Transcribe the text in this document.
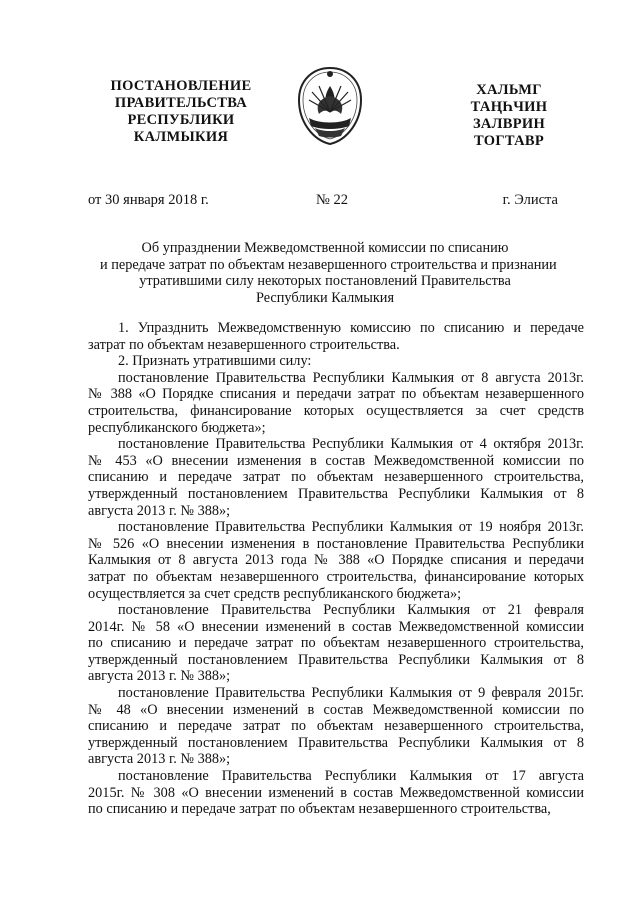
ПОСТАНОВЛЕНИЕ
ПРАВИТЕЛЬСТВА
РЕСПУБЛИКИ
КАЛМЫКИЯ
ХАЛЬМГ
ТАҢҺЧИН
ЗАЛВРИН
ТОГТАВР
от 30 января 2018 г.	№ 22	г. Элиста
Об упразднении Межведомственной комиссии по списанию
и передаче затрат по объектам незавершенного строительства и признании
утратившими силу некоторых постановлений Правительства
Республики Калмыкия
1. Упразднить Межведомственную комиссию по списанию и передаче
затрат по объектам незавершенного строительства.
2. Признать утратившими силу:
постановление Правительства Республики Калмыкия от 8 августа 2013г.
№ 388 «О Порядке списания и передачи затрат по объектам незавершенного
строительства, финансирование которых осуществляется за счет средств
республиканского бюджета»;
постановление Правительства Республики Калмыкия от 4 октября 2013г.
№ 453 «О внесении изменения в состав Межведомственной комиссии по
списанию и передаче затрат по объектам незавершенного строительства,
утвержденный постановлением Правительства Республики Калмыкия от 8
августа 2013 г. № 388»;
постановление Правительства Республики Калмыкия от 19 ноября 2013г.
№ 526 «О внесении изменения в постановление Правительства Республики
Калмыкия от 8 августа 2013 года № 388 «О Порядке списания и передачи
затрат по объектам незавершенного строительства, финансирование которых
осуществляется за счет средств республиканского бюджета»;
постановление Правительства Республики Калмыкия от 21 февраля
2014г. № 58 «О внесении изменений в состав Межведомственной комиссии
по списанию и передаче затрат по объектам незавершенного строительства,
утвержденный постановлением Правительства Республики Калмыкия от 8
августа 2013 г. № 388»;
постановление Правительства Республики Калмыкия от 9 февраля 2015г.
№ 48 «О внесении изменений в состав Межведомственной комиссии по
списанию и передаче затрат по объектам незавершенного строительства,
утвержденный постановлением Правительства Республики Калмыкия от 8
августа 2013 г. № 388»;
постановление Правительства Республики Калмыкия от 17 августа
2015г. № 308 «О внесении изменений в состав Межведомственной комиссии
по списанию и передаче затрат по объектам незавершенного строительства,
